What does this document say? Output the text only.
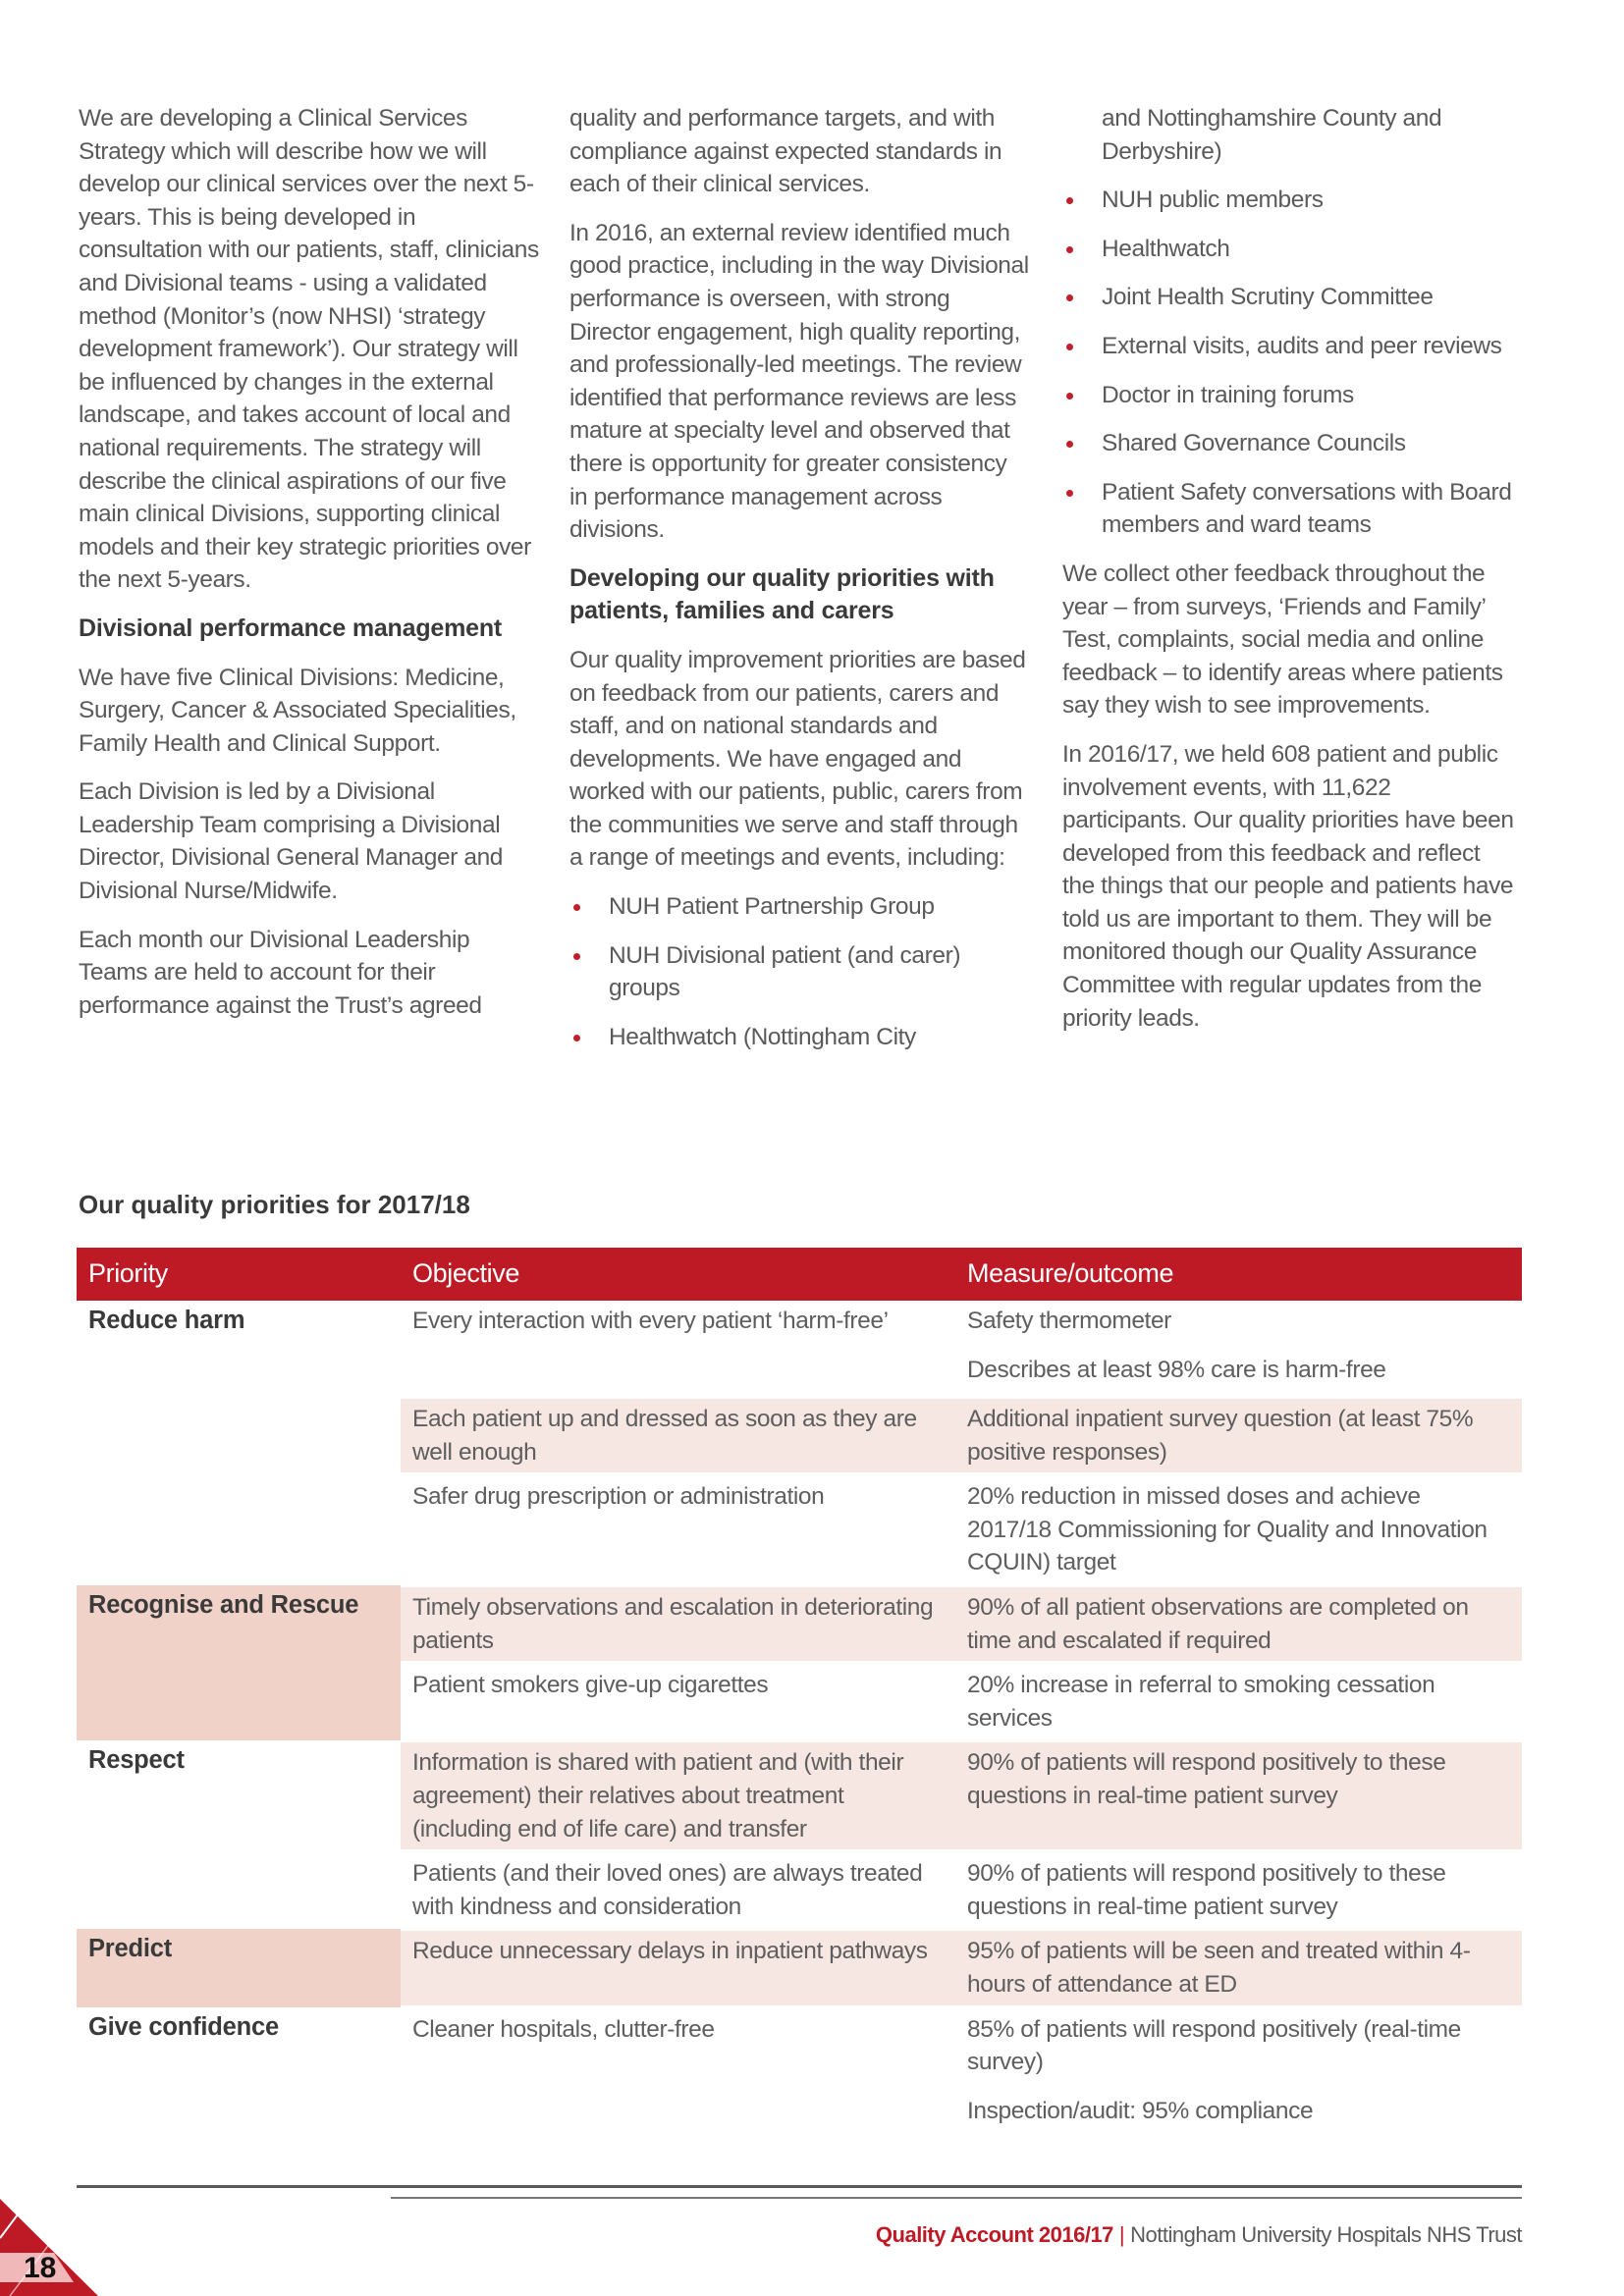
We are developing a Clinical Services Strategy which will describe how we will develop our clinical services over the next 5-years. This is being developed in consultation with our patients, staff, clinicians and Divisional teams - using a validated method (Monitor’s (now NHSI) ‘strategy development framework’). Our strategy will be influenced by changes in the external landscape, and takes account of local and national requirements. The strategy will describe the clinical aspirations of our five main clinical Divisions, supporting clinical models and their key strategic priorities over the next 5-years.

Divisional performance management

We have five Clinical Divisions: Medicine, Surgery, Cancer & Associated Specialities, Family Health and Clinical Support.

Each Division is led by a Divisional Leadership Team comprising a Divisional Director, Divisional General Manager and Divisional Nurse/Midwife.

Each month our Divisional Leadership Teams are held to account for their performance against the Trust’s agreed

quality and performance targets, and with compliance against expected standards in each of their clinical services.

In 2016, an external review identified much good practice, including in the way Divisional performance is overseen, with strong Director engagement, high quality reporting, and professionally-led meetings. The review identified that performance reviews are less mature at specialty level and observed that there is opportunity for greater consistency in performance management across divisions.

Developing our quality priorities with patients, families and carers

Our quality improvement priorities are based on feedback from our patients, carers and staff, and on national standards and developments. We have engaged and worked with our patients, public, carers from the communities we serve and staff through a range of meetings and events, including:

NUH Patient Partnership Group
NUH Divisional patient (and carer) groups
Healthwatch (Nottingham City
and Nottinghamshire County and Derbyshire)
NUH public members
Healthwatch
Joint Health Scrutiny Committee
External visits, audits and peer reviews
Doctor in training forums
Shared Governance Councils
Patient Safety conversations with Board members and ward teams

We collect other feedback throughout the year – from surveys, ‘Friends and Family’ Test, complaints, social media and online feedback – to identify areas where patients say they wish to see improvements.

In 2016/17, we held 608 patient and public involvement events, with 11,622 participants. Our quality priorities have been developed from this feedback and reflect the things that our people and patients have told us are important to them. They will be monitored though our Quality Assurance Committee with regular updates from the priority leads.

Our quality priorities for 2017/18
Priority	Objective	Measure/outcome
Reduce harm	Every interaction with every patient ‘harm-free’	Safety thermometer
Describes at least 98% care is harm-free

	Each patient up and dressed as soon as they are well enough	Additional inpatient survey question (at least 75% positive responses)
	Safer drug prescription or administration	20% reduction in missed doses and achieve 2017/18 Commissioning for Quality and Innovation CQUIN) target
Recognise and Rescue	Timely observations and escalation in deteriorating patients	90% of all patient observations are completed on time and escalated if required
	Patient smokers give-up cigarettes	20% increase in referral to smoking cessation services
Respect	Information is shared with patient and (with their agreement) their relatives about treatment (including end of life care) and transfer	90% of patients will respond positively to these questions in real-time patient survey
	Patients (and their loved ones) are always treated with kindness and consideration	90% of patients will respond positively to these questions in real-time patient survey
Predict	Reduce unnecessary delays in inpatient pathways	95% of patients will be seen and treated within 4-hours of attendance at ED
Give confidence	Cleaner hospitals, clutter-free	85% of patients will respond positively (real-time survey)
Inspection/audit: 95% compliance
Quality Account 2016/17 | Nottingham University Hospitals NHS Trust
18
